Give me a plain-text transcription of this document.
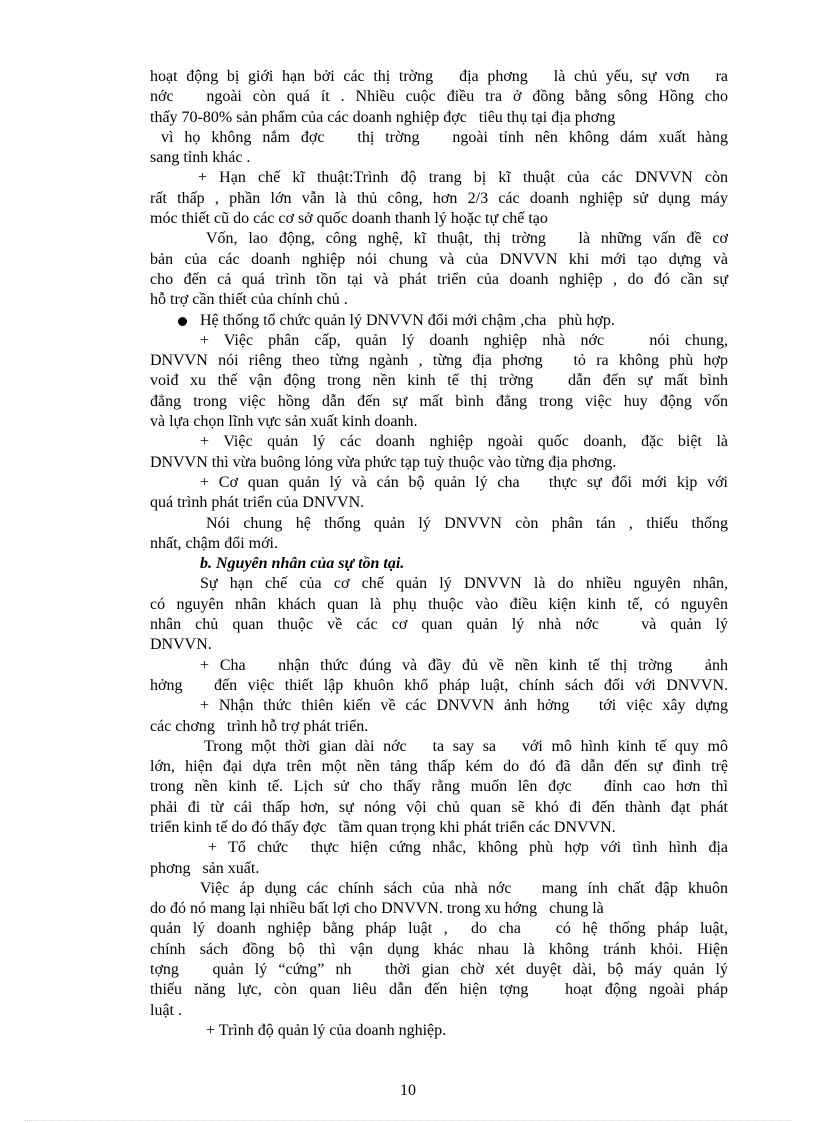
hoạt động bị giới hạn bởi các thị trờng   địa phơng   là chủ yếu, sự vơn   ra
nớc   ngoài còn quá ít . Nhiều cuộc điều tra ở đồng bằng sông Hồng cho
thấy 70-80% sản phẩm của các doanh nghiệp đợc   tiêu thụ tại địa phơng
vì họ không nắm đợc   thị trờng   ngoài tỉnh nên không dám xuất hàng
sang tỉnh khác .
+ Hạn chế kĩ thuật:Trình độ trang bị kĩ thuật của các DNVVN còn
rất thấp , phần lớn vẫn là thủ công, hơn 2/3 các doanh nghiệp sử dụng máy
móc thiết cũ do các cơ sở quốc doanh thanh lý hoặc tự chế tạo
Vốn, lao động, công nghệ, kĩ thuật, thị trờng   là những vấn đề cơ
bản của các doanh nghiệp nói chung và của DNVVN khi mới tạo dựng và
cho đến cả quá trình tồn tại và phát triển của doanh nghiệp , do đó cần sự
hỗ trợ cần thiết của chính chủ .
Hệ thống tổ chức quản lý DNVVN đổi mới chậm ,cha   phù hợp.
+ Việc phân cấp, quản lý doanh nghiệp nhà nớc   nói chung,
DNVVN nói riêng theo từng ngành , từng địa phơng   tỏ ra không phù hợp
voiđ xu thế vận động trong nền kinh tế thị trờng   dẫn đến sự mất bình
đẳng trong việc hồng dẫn đến sự mất bình đẳng trong việc huy động vốn
và lựa chọn lĩnh vực sản xuất kinh doanh.
+ Việc quản lý các doanh nghiệp ngoài quốc doanh, đặc biệt là
DNVVN thì vừa buông lỏng vừa phức tạp tuỳ thuộc vào từng địa phơng.
+ Cơ quan quản lý và cán bộ quản lý cha   thực sự đổi mới kịp với
quá trình phát triển của DNVVN.
Nói chung hệ thống quản lý DNVVN còn phân tán , thiếu thống
nhất, chậm đổi mới.
b. Nguyên nhân của sự tồn tại.
Sự hạn chế của cơ chế quản lý DNVVN là do nhiều nguyên nhân,
có nguyên nhân khách quan là phụ thuộc vào điều kiện kinh tế, có nguyên
nhân chủ quan thuộc về các cơ quan quản lý nhà nớc   và quản lý
DNVVN.
+ Cha   nhận thức đúng và đầy đủ về nền kinh tế thị trờng   ảnh
hởng   đến việc thiết lập khuôn khổ pháp luật, chính sách đối với DNVVN.
+ Nhận thức thiên kiến về các DNVVN ảnh hởng   tới việc xây dựng
các chơng   trình hỗ trợ phát triển.
Trong một thời gian dài nớc   ta say sa   với mô hình kinh tế quy mô
lớn, hiện đại dựa trên một nền tảng thấp kém do đó đã dẫn đến sự đình trệ
trong nền kinh tế. Lịch sử cho thấy rằng muốn lên đợc   đỉnh cao hơn thì
phải đi từ cái thấp hơn, sự nóng vội chủ quan sẽ khó đi đến thành đạt phát
triển kinh tế do đó thấy đợc   tầm quan trọng khi phát triển các DNVVN.
+ Tổ chức  thực hiện cứng nhắc, không phù hợp với tình hình địa
phơng   sản xuất.
Việc áp dụng các chính sách của nhà nớc   mang ính chất đập khuôn
do đó nó mang lại nhiều bất lợi cho DNVVN. trong xu hớng   chung là
quản lý doanh nghiệp bằng pháp luật ,  do cha   có hệ thống pháp luật,
chính sách đồng bộ thì vận dụng khác nhau là không tránh khỏi. Hiện
tợng   quản lý “cứng” nh   thời gian chờ xét duyệt dài, bộ máy quản lý
thiếu năng lực, còn quan liêu dẫn đến hiện tợng   hoạt động ngoài pháp
luật .
+ Trình độ quản lý của doanh nghiệp.
10
